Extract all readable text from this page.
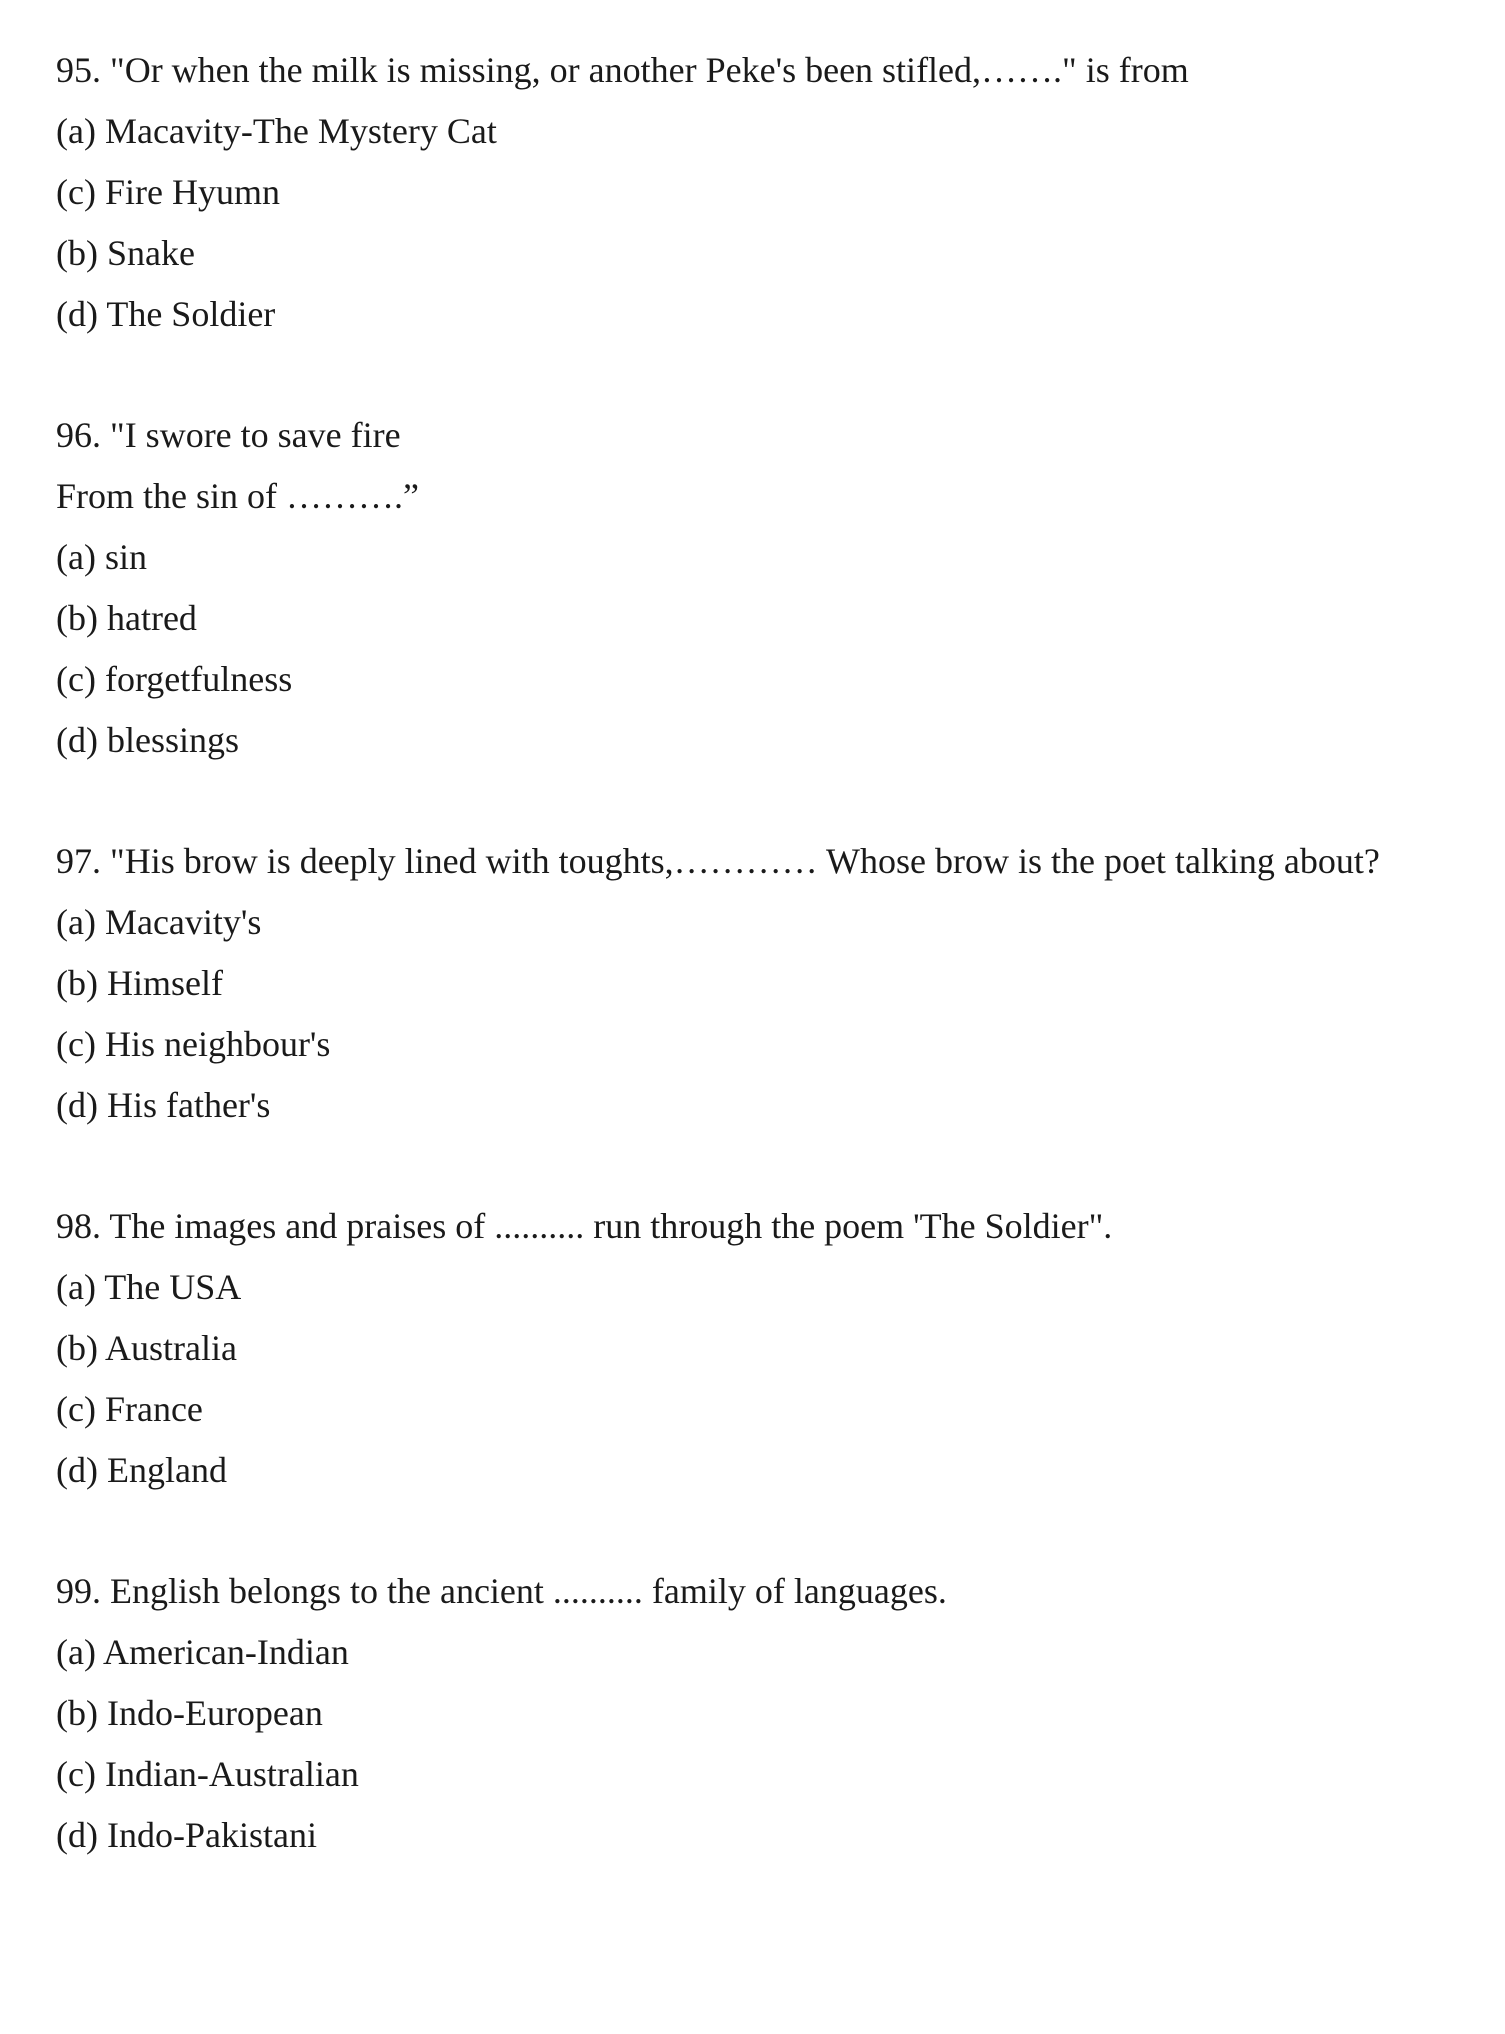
95. "Or when the milk is missing, or another Peke's been stifled,……." is from

(a) Macavity-The Mystery Cat
(c) Fire Hyumn
(b) Snake
(d) The Soldier

96. "I swore to save fire

From the sin of ……….”

(a) sin
(b) hatred
(c) forgetfulness
(d) blessings

97. "His brow is deeply lined with toughts,………… Whose brow is the poet talking about?

(a) Macavity's
(b) Himself
(c) His neighbour's
(d) His father's

98. The images and praises of .......... run through the poem 'The Soldier".

(a) The USA
(b) Australia
(c) France
(d) England

99. English belongs to the ancient .......... family of languages.

(a) American-Indian
(b) Indo-European
(c) Indian-Australian
(d) Indo-Pakistani
